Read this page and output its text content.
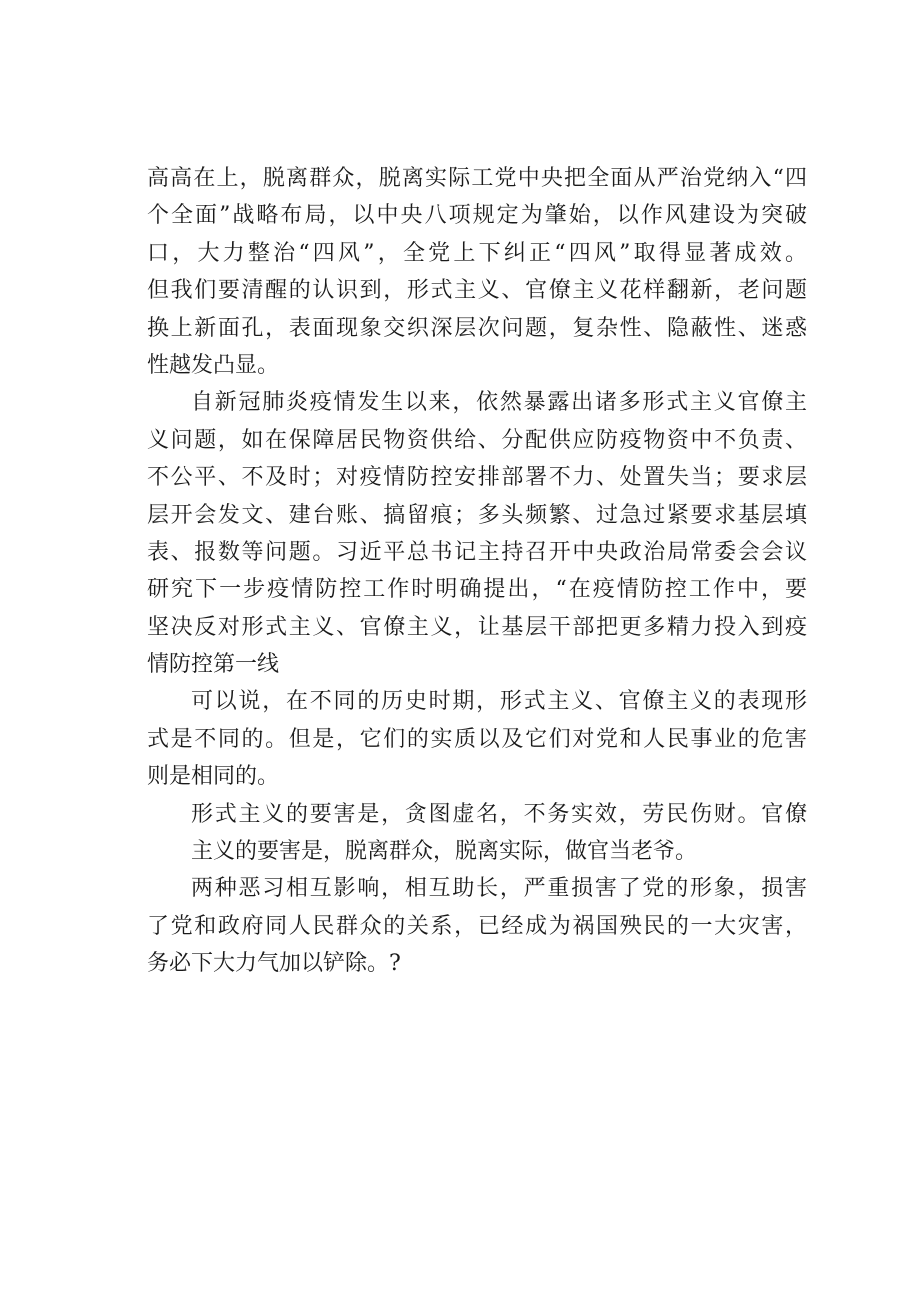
高高在上，脱离群众，脱离实际工党中央把全面从严治党纳入“四
个全面”战略布局，以中央八项规定为肇始，以作风建设为突破
口，大力整治“四风”，全党上下纠正“四风”取得显著成效。
但我们要清醒的认识到，形式主义、官僚主义花样翻新，老问题
换上新面孔，表面现象交织深层次问题，复杂性、隐蔽性、迷惑
性越发凸显。
自新冠肺炎疫情发生以来，依然暴露出诸多形式主义官僚主
义问题，如在保障居民物资供给、分配供应防疫物资中不负责、
不公平、不及时；对疫情防控安排部署不力、处置失当；要求层
层开会发文、建台账、搞留痕；多头频繁、过急过紧要求基层填
表、报数等问题。习近平总书记主持召开中央政治局常委会会议
研究下一步疫情防控工作时明确提出，“在疫情防控工作中，要
坚决反对形式主义、官僚主义，让基层干部把更多精力投入到疫
情防控第一线
可以说，在不同的历史时期，形式主义、官僚主义的表现形
式是不同的。但是，它们的实质以及它们对党和人民事业的危害
则是相同的。
形式主义的要害是，贪图虚名，不务实效，劳民伤财。官僚
主义的要害是，脱离群众，脱离实际，做官当老爷。
两种恶习相互影响，相互助长，严重损害了党的形象，损害
了党和政府同人民群众的关系，已经成为祸国殃民的一大灾害，
务必下大力气加以铲除。?
